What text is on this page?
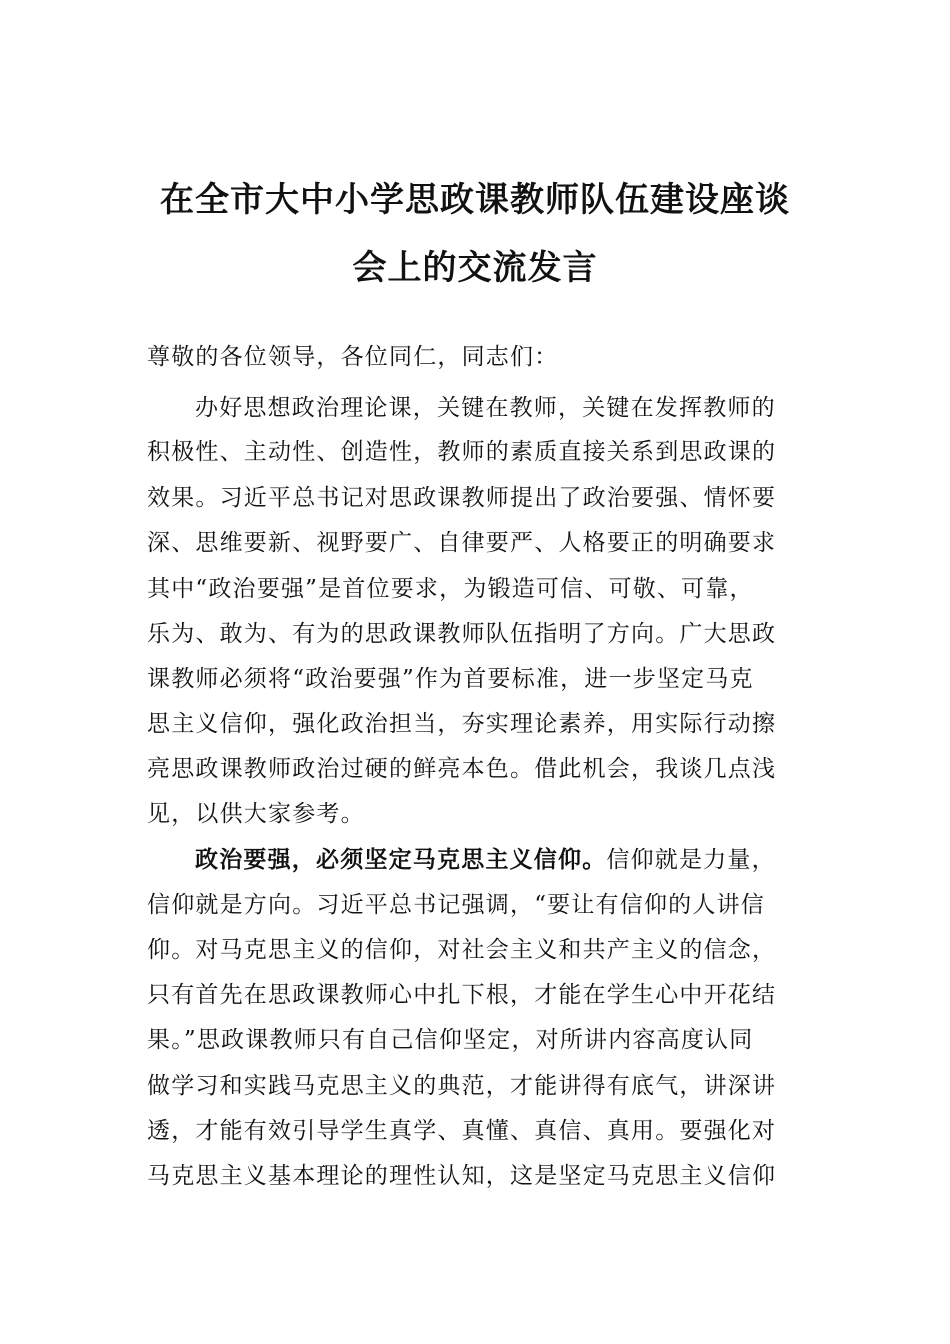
在全市大中小学思政课教师队伍建设座谈
会上的交流发言
尊敬的各位领导，各位同仁，同志们：
办好思想政治理论课，关键在教师，关键在发挥教师的
积极性、主动性、创造性，教师的素质直接关系到思政课的
效果。习近平总书记对思政课教师提出了政治要强、情怀要
深、思维要新、视野要广、自律要严、人格要正的明确要求
其中“政治要强”是首位要求，为锻造可信、可敬、可靠，
乐为、敢为、有为的思政课教师队伍指明了方向。广大思政
课教师必须将“政治要强”作为首要标准，进一步坚定马克
思主义信仰，强化政治担当，夯实理论素养，用实际行动擦
亮思政课教师政治过硬的鲜亮本色。借此机会，我谈几点浅
见，以供大家参考。
政治要强，必须坚定马克思主义信仰。信仰就是力量，
信仰就是方向。习近平总书记强调，“要让有信仰的人讲信
仰。对马克思主义的信仰，对社会主义和共产主义的信念，
只有首先在思政课教师心中扎下根，才能在学生心中开花结
果。”思政课教师只有自己信仰坚定，对所讲内容高度认同
做学习和实践马克思主义的典范，才能讲得有底气，讲深讲
透，才能有效引导学生真学、真懂、真信、真用。要强化对
马克思主义基本理论的理性认知，这是坚定马克思主义信仰
